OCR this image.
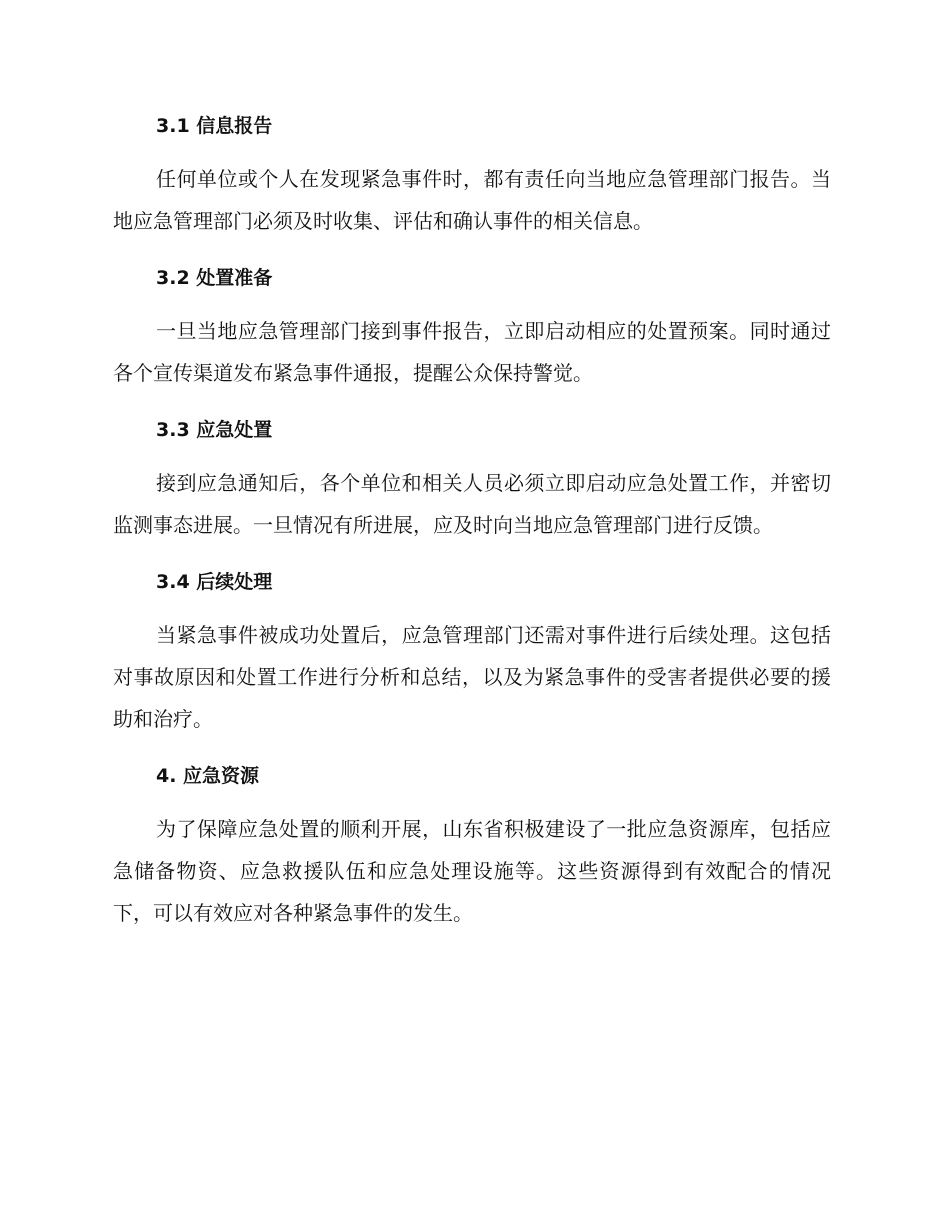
3.1 信息报告
任何单位或个人在发现紧急事件时，都有责任向当地应急管理部门报告。当地应急管理部门必须及时收集、评估和确认事件的相关信息。
3.2 处置准备
一旦当地应急管理部门接到事件报告，立即启动相应的处置预案。同时通过各个宣传渠道发布紧急事件通报，提醒公众保持警觉。
3.3 应急处置
接到应急通知后，各个单位和相关人员必须立即启动应急处置工作，并密切监测事态进展。一旦情况有所进展，应及时向当地应急管理部门进行反馈。
3.4 后续处理
当紧急事件被成功处置后，应急管理部门还需对事件进行后续处理。这包括对事故原因和处置工作进行分析和总结，以及为紧急事件的受害者提供必要的援助和治疗。
4. 应急资源
为了保障应急处置的顺利开展，山东省积极建设了一批应急资源库，包括应急储备物资、应急救援队伍和应急处理设施等。这些资源得到有效配合的情况下，可以有效应对各种紧急事件的发生。
